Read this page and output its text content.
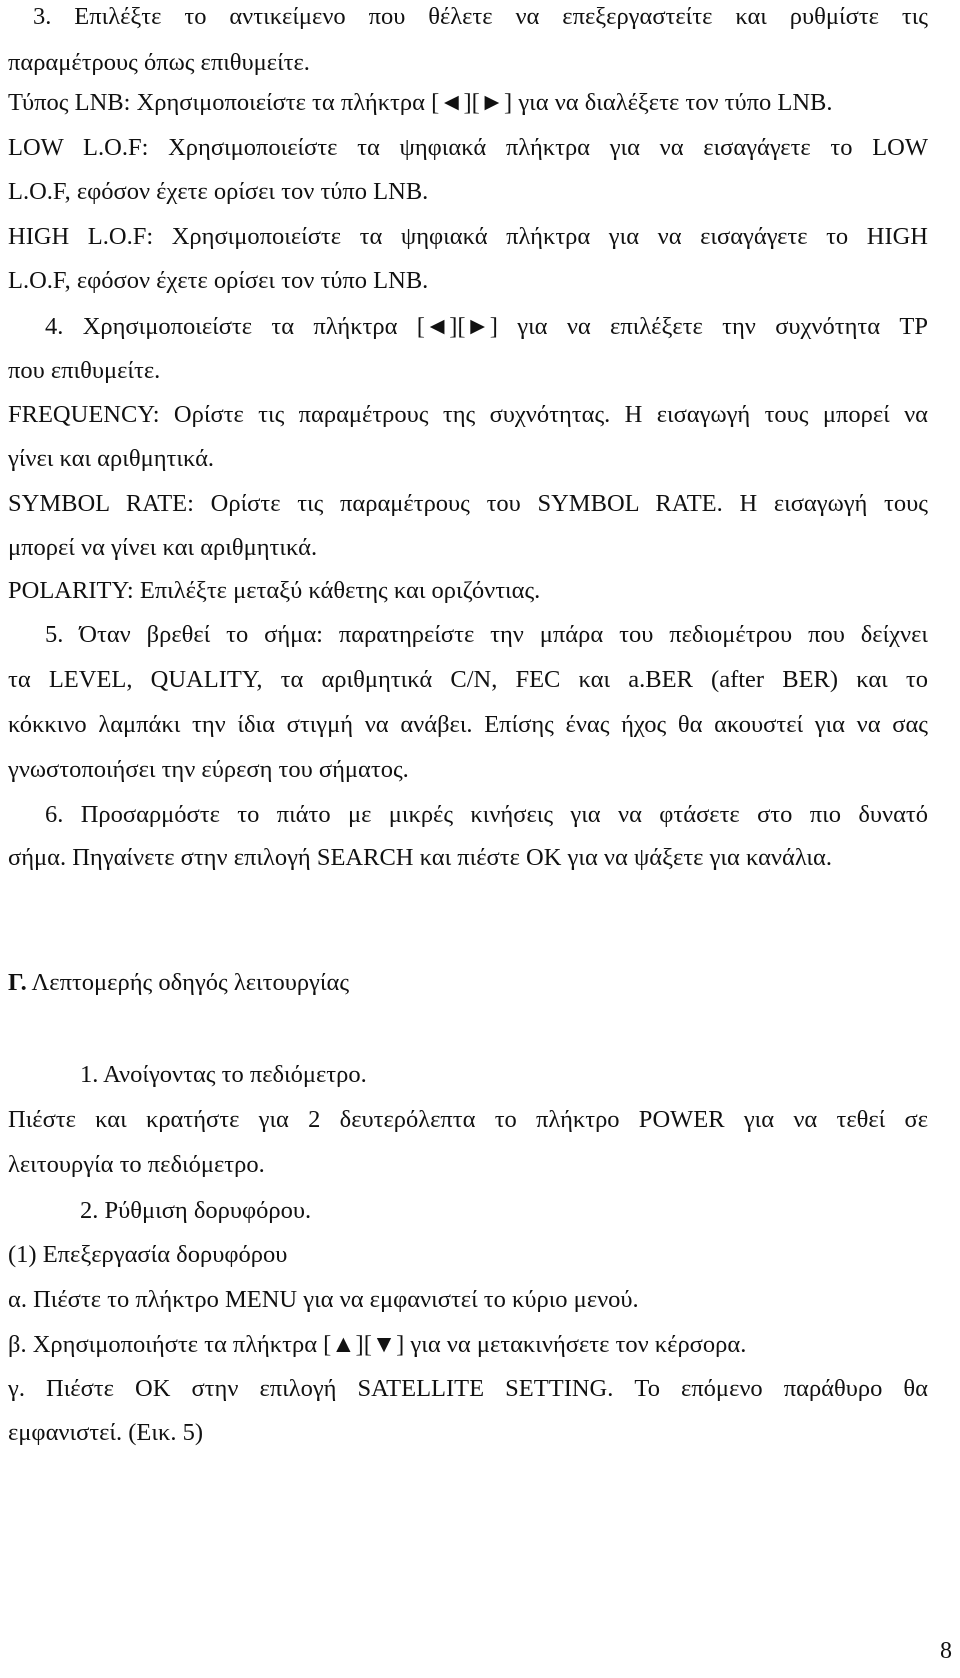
3. Επιλέξτε το αντικείμενο που θέλετε να επεξεργαστείτε και ρυθμίστε τις
παραμέτρους όπως επιθυμείτε.
Τύπος LNB: Χρησιμοποιείστε τα πλήκτρα [◄][►] για να διαλέξετε τον τύπο LNB.
LOW L.O.F: Χρησιμοποιείστε τα ψηφιακά πλήκτρα για να εισαγάγετε το LOW
L.O.F, εφόσον έχετε ορίσει τον τύπο LNB.
HIGH L.O.F: Χρησιμοποιείστε τα ψηφιακά πλήκτρα για να εισαγάγετε το HIGH
L.O.F, εφόσον έχετε ορίσει τον τύπο LNB.
4. Χρησιμοποιείστε τα πλήκτρα [◄][►] για να επιλέξετε την συχνότητα TP
που επιθυμείτε.
FREQUENCY: Ορίστε τις παραμέτρους της συχνότητας. Η εισαγωγή τους μπορεί να
γίνει και αριθμητικά.
SYMBOL RATE: Ορίστε τις παραμέτρους του SYMBOL RATE. Η εισαγωγή τους
μπορεί να γίνει και αριθμητικά.
POLARITY: Επιλέξτε μεταξύ κάθετης και οριζόντιας.
5. Όταν βρεθεί το σήμα: παρατηρείστε την μπάρα του πεδιομέτρου που δείχνει
τα LEVEL, QUALITY, τα αριθμητικά C/N, FEC και a.BER (after BER) και το
κόκκινο λαμπάκι την ίδια στιγμή να ανάβει. Επίσης ένας ήχος θα ακουστεί για να σας
γνωστοποιήσει την εύρεση του σήματος.
6. Προσαρμόστε το πιάτο με μικρές κινήσεις για να φτάσετε στο πιο δυνατό
σήμα. Πηγαίνετε στην επιλογή SEARCH και πιέστε OK για να ψάξετε για κανάλια.
Γ. Λεπτομερής οδηγός λειτουργίας
1. Ανοίγοντας το πεδιόμετρο.
Πιέστε και κρατήστε για 2 δευτερόλεπτα το πλήκτρο POWER για να τεθεί σε
λειτουργία το πεδιόμετρο.
2. Ρύθμιση δορυφόρου.
(1) Επεξεργασία δορυφόρου
α. Πιέστε το πλήκτρο MENU για να εμφανιστεί το κύριο μενού.
β. Χρησιμοποιήστε τα πλήκτρα [▲][▼] για να μετακινήσετε τον κέρσορα.
γ. Πιέστε OK στην επιλογή SATELLITE SETTING. Το επόμενο παράθυρο θα
εμφανιστεί. (Εικ. 5)
8
